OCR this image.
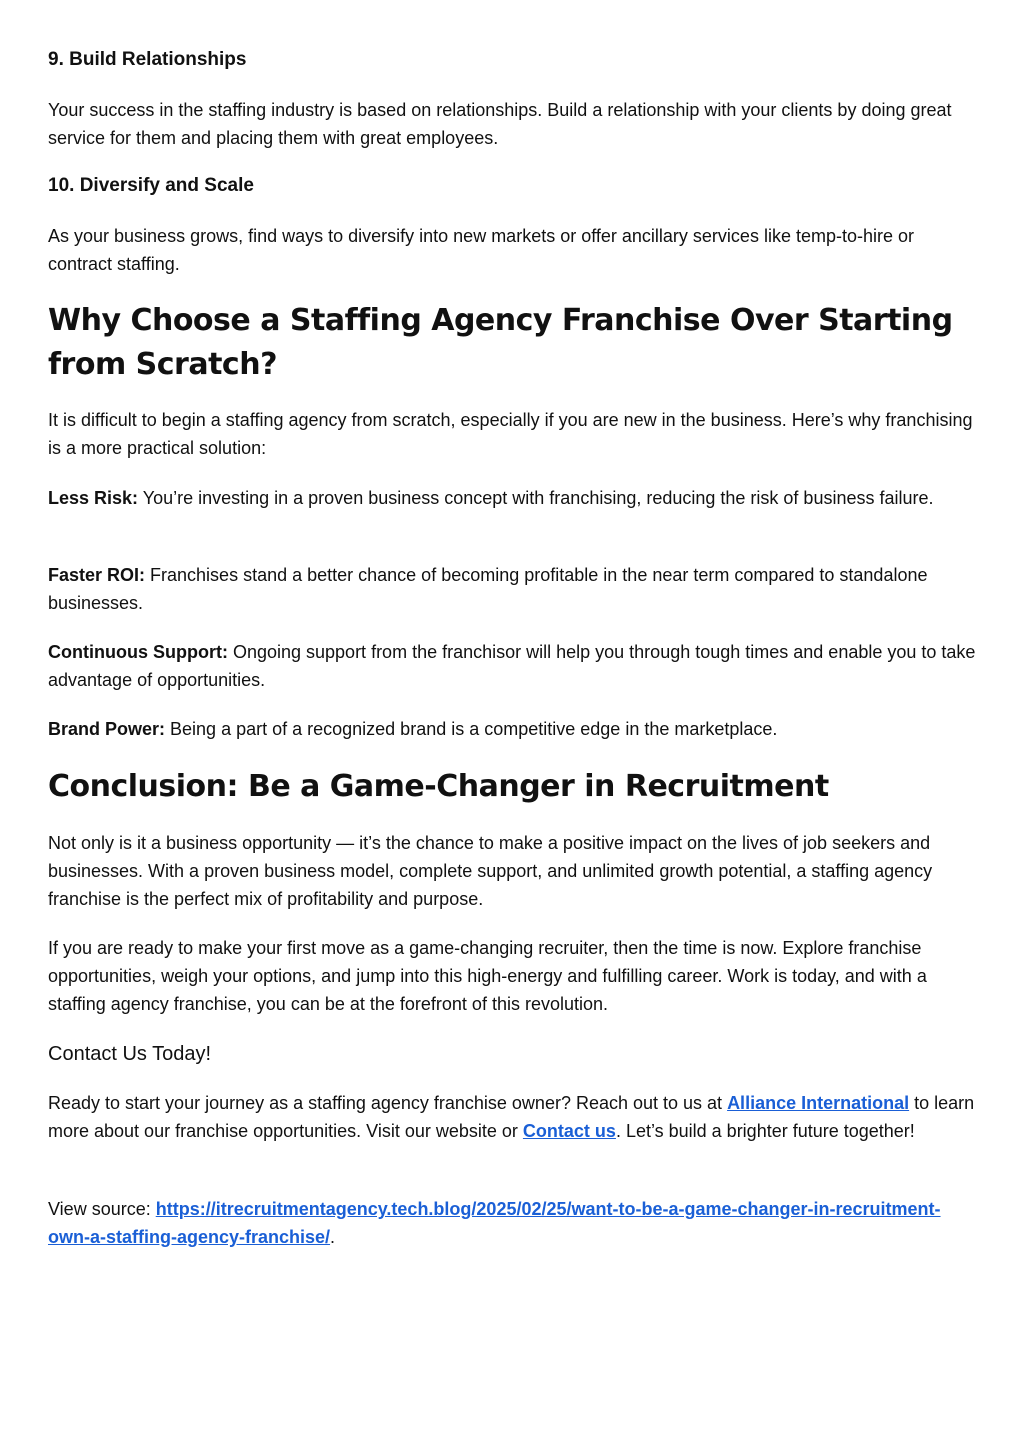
9. Build Relationships

Your success in the staffing industry is based on relationships. Build a relationship with your clients by doing great service for them and placing them with great employees.

10. Diversify and Scale

As your business grows, find ways to diversify into new markets or offer ancillary services like temp-to-hire or contract staffing.

Why Choose a Staffing Agency Franchise Over Starting from Scratch?

It is difficult to begin a staffing agency from scratch, especially if you are new in the business. Here’s why franchising is a more practical solution:

Less Risk: You’re investing in a proven business concept with franchising, reducing the risk of business failure.

Faster ROI: Franchises stand a better chance of becoming profitable in the near term compared to standalone businesses.

Continuous Support: Ongoing support from the franchisor will help you through tough times and enable you to take advantage of opportunities.

Brand Power: Being a part of a recognized brand is a competitive edge in the marketplace.

Conclusion: Be a Game-Changer in Recruitment

Not only is it a business opportunity — it’s the chance to make a positive impact on the lives of job seekers and businesses. With a proven business model, complete support, and unlimited growth potential, a staffing agency franchise is the perfect mix of profitability and purpose.

If you are ready to make your first move as a game-changing recruiter, then the time is now. Explore franchise opportunities, weigh your options, and jump into this high-energy and fulfilling career. Work is today, and with a staffing agency franchise, you can be at the forefront of this revolution.

Contact Us Today!

Ready to start your journey as a staffing agency franchise owner? Reach out to us at Alliance International to learn more about our franchise opportunities. Visit our website or Contact us. Let’s build a brighter future together!

View source: https://itrecruitmentagency.tech.blog/2025/02/25/want-to-be-a-game-changer-in-recruitment-own-a-staffing-agency-franchise/.
